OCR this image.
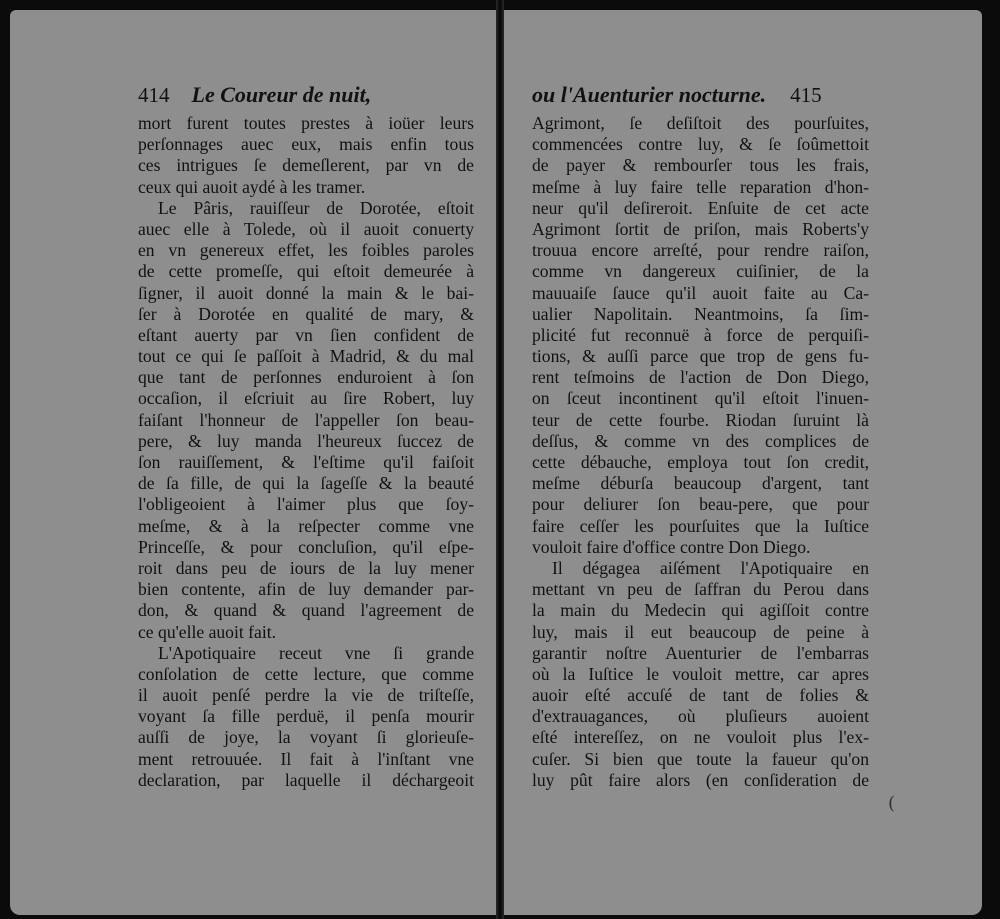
414 Le Coureur de nuit,
mort furent toutes prestes à ioüer leurs
perſonnages auec eux, mais enfin tous
ces intrigues ſe demeſlerent, par vn de
ceux qui auoit aydé à les tramer.
Le Pâris, rauiſſeur de Dorotée, eſtoit
auec elle à Tolede, où il auoit conuerty
en vn genereux effet, les foibles paroles
de cette promeſſe, qui eſtoit demeurée à
ſigner, il auoit donné la main & le bai-
ſer à Dorotée en qualité de mary, &
eſtant auerty par vn ſien confident de
tout ce qui ſe paſſoit à Madrid, & du mal
que tant de perſonnes enduroient à ſon
occaſion, il eſcriuit au ſire Robert, luy
faiſant l'honneur de l'appeller ſon beau-
pere, & luy manda l'heureux ſuccez de
ſon rauiſſement, & l'eſtime qu'il faiſoit
de ſa fille, de qui la ſageſſe & la beauté
l'obligeoient à l'aimer plus que ſoy-
meſme, & à la reſpecter comme vne
Princeſſe, & pour concluſion, qu'il eſpe-
roit dans peu de iours de la luy mener
bien contente, afin de luy demander par-
don, & quand & quand l'agreement de
ce qu'elle auoit fait.
L'Apotiquaire receut vne ſi grande
conſolation de cette lecture, que comme
il auoit penſé perdre la vie de triſteſſe,
voyant ſa fille perduë, il penſa mourir
auſſi de joye, la voyant ſi glorieuſe-
ment retrouuée. Il fait à l'inſtant vne
declaration, par laquelle il déchargeoit
ou l'Auenturier nocturne. 415
Agrimont, ſe deſiſtoit des pourſuites,
commencées contre luy, & ſe ſoûmettoit
de payer & rembourſer tous les frais,
meſme à luy faire telle reparation d'hon-
neur qu'il deſireroit. Enſuite de cet acte
Agrimont ſortit de priſon, mais Roberts'y
trouua encore arreſté, pour rendre raiſon,
comme vn dangereux cuiſinier, de la
mauuaiſe ſauce qu'il auoit faite au Ca-
ualier Napolitain. Neantmoins, ſa ſim-
plicité fut reconnuë à force de perquiſi-
tions, & auſſi parce que trop de gens fu-
rent teſmoins de l'action de Don Diego,
on ſceut incontinent qu'il eſtoit l'inuen-
teur de cette fourbe. Riodan ſuruint là
deſſus, & comme vn des complices de
cette débauche, employa tout ſon credit,
meſme déburſa beaucoup d'argent, tant
pour deliurer ſon beau-pere, que pour
faire ceſſer les pourſuites que la Iuſtice
vouloit faire d'office contre Don Diego.
Il dégagea aiſément l'Apotiquaire en
mettant vn peu de ſaffran du Perou dans
la main du Medecin qui agiſſoit contre
luy, mais il eut beaucoup de peine à
garantir noſtre Auenturier de l'embarras
où la Iuſtice le vouloit mettre, car apres
auoir eſté accuſé de tant de folies &
d'extrauagances, où pluſieurs auoient
eſté intereſſez, on ne vouloit plus l'ex-
cuſer. Si bien que toute la faueur qu'on
luy pût faire alors (en conſideration de
(
